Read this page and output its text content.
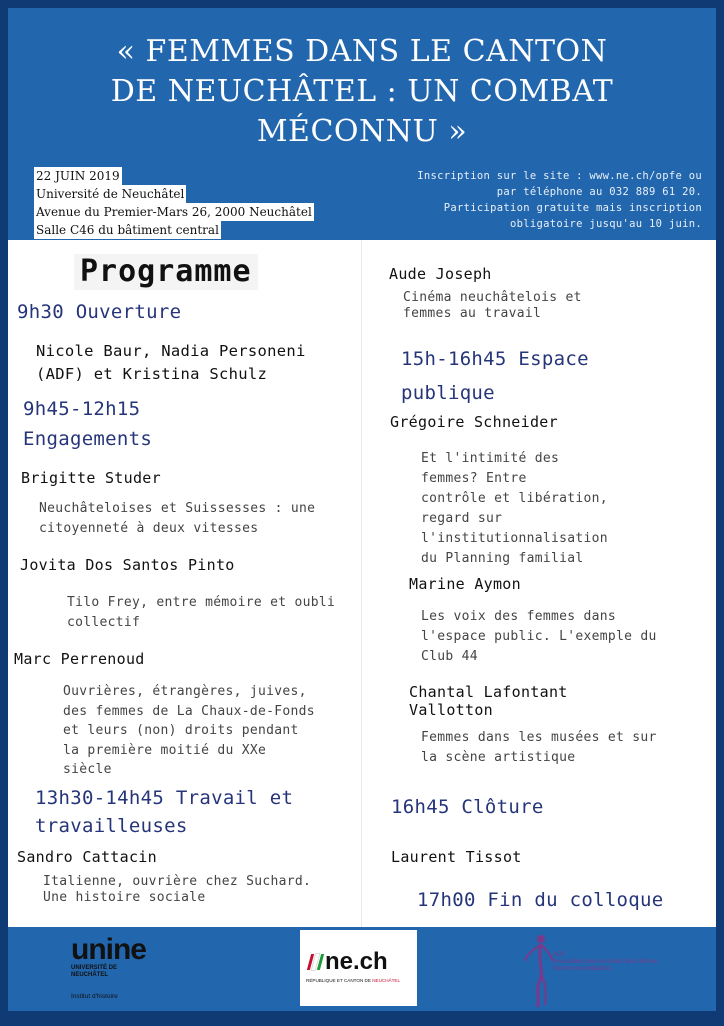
« FEMMES DANS LE CANTON
DE NEUCHÂTEL : UN COMBAT
MÉCONNU »
22 JUIN 2019
Université de Neuchâtel
Avenue du Premier-Mars 26, 2000 Neuchâtel
Salle C46 du bâtiment central
Inscription sur le site : www.ne.ch/opfe ou
par téléphone au 032 889 61 20.
Participation gratuite mais inscription
obligatoire jusqu'au 10 juin.
Programme
9h30 Ouverture
Nicole Baur, Nadia Personeni
(ADF) et Kristina Schulz
9h45-12h15
Engagements
Brigitte Studer
Neuchâteloises et Suissesses : une
citoyenneté à deux vitesses
Jovita Dos Santos Pinto
Tilo Frey, entre mémoire et oubli
collectif
Marc Perrenoud
Ouvrières, étrangères, juives,
des femmes de La Chaux-de-Fonds
et leurs (non) droits pendant
la première moitié du XXe
siècle
13h30-14h45 Travail et
travailleuses
Sandro Cattacin
Italienne, ouvrière chez Suchard.
Une histoire sociale
Aude Joseph
Cinéma neuchâtelois et
femmes au travail
15h-16h45 Espace
publique
Grégoire Schneider
Et l'intimité des
femmes? Entre
contrôle et libération,
regard sur
l'institutionnalisation
du Planning familial
Marine Aymon
Les voix des femmes dans
l'espace public. L'exemple du
Club 44
Chantal Lafontant
Vallotton
Femmes dans les musées et sur
la scène artistique
16h45 Clôture
Laurent Tissot
17h00 Fin du colloque
unine
UNIVERSITÉ DE
NEUCHÂTEL
Institut d'histoire
ne.ch
RÉPUBLIQUE ET CANTON DE NEUCHÂTEL
ADF
Association pour les droits de la femme
Section neuchâteloise
